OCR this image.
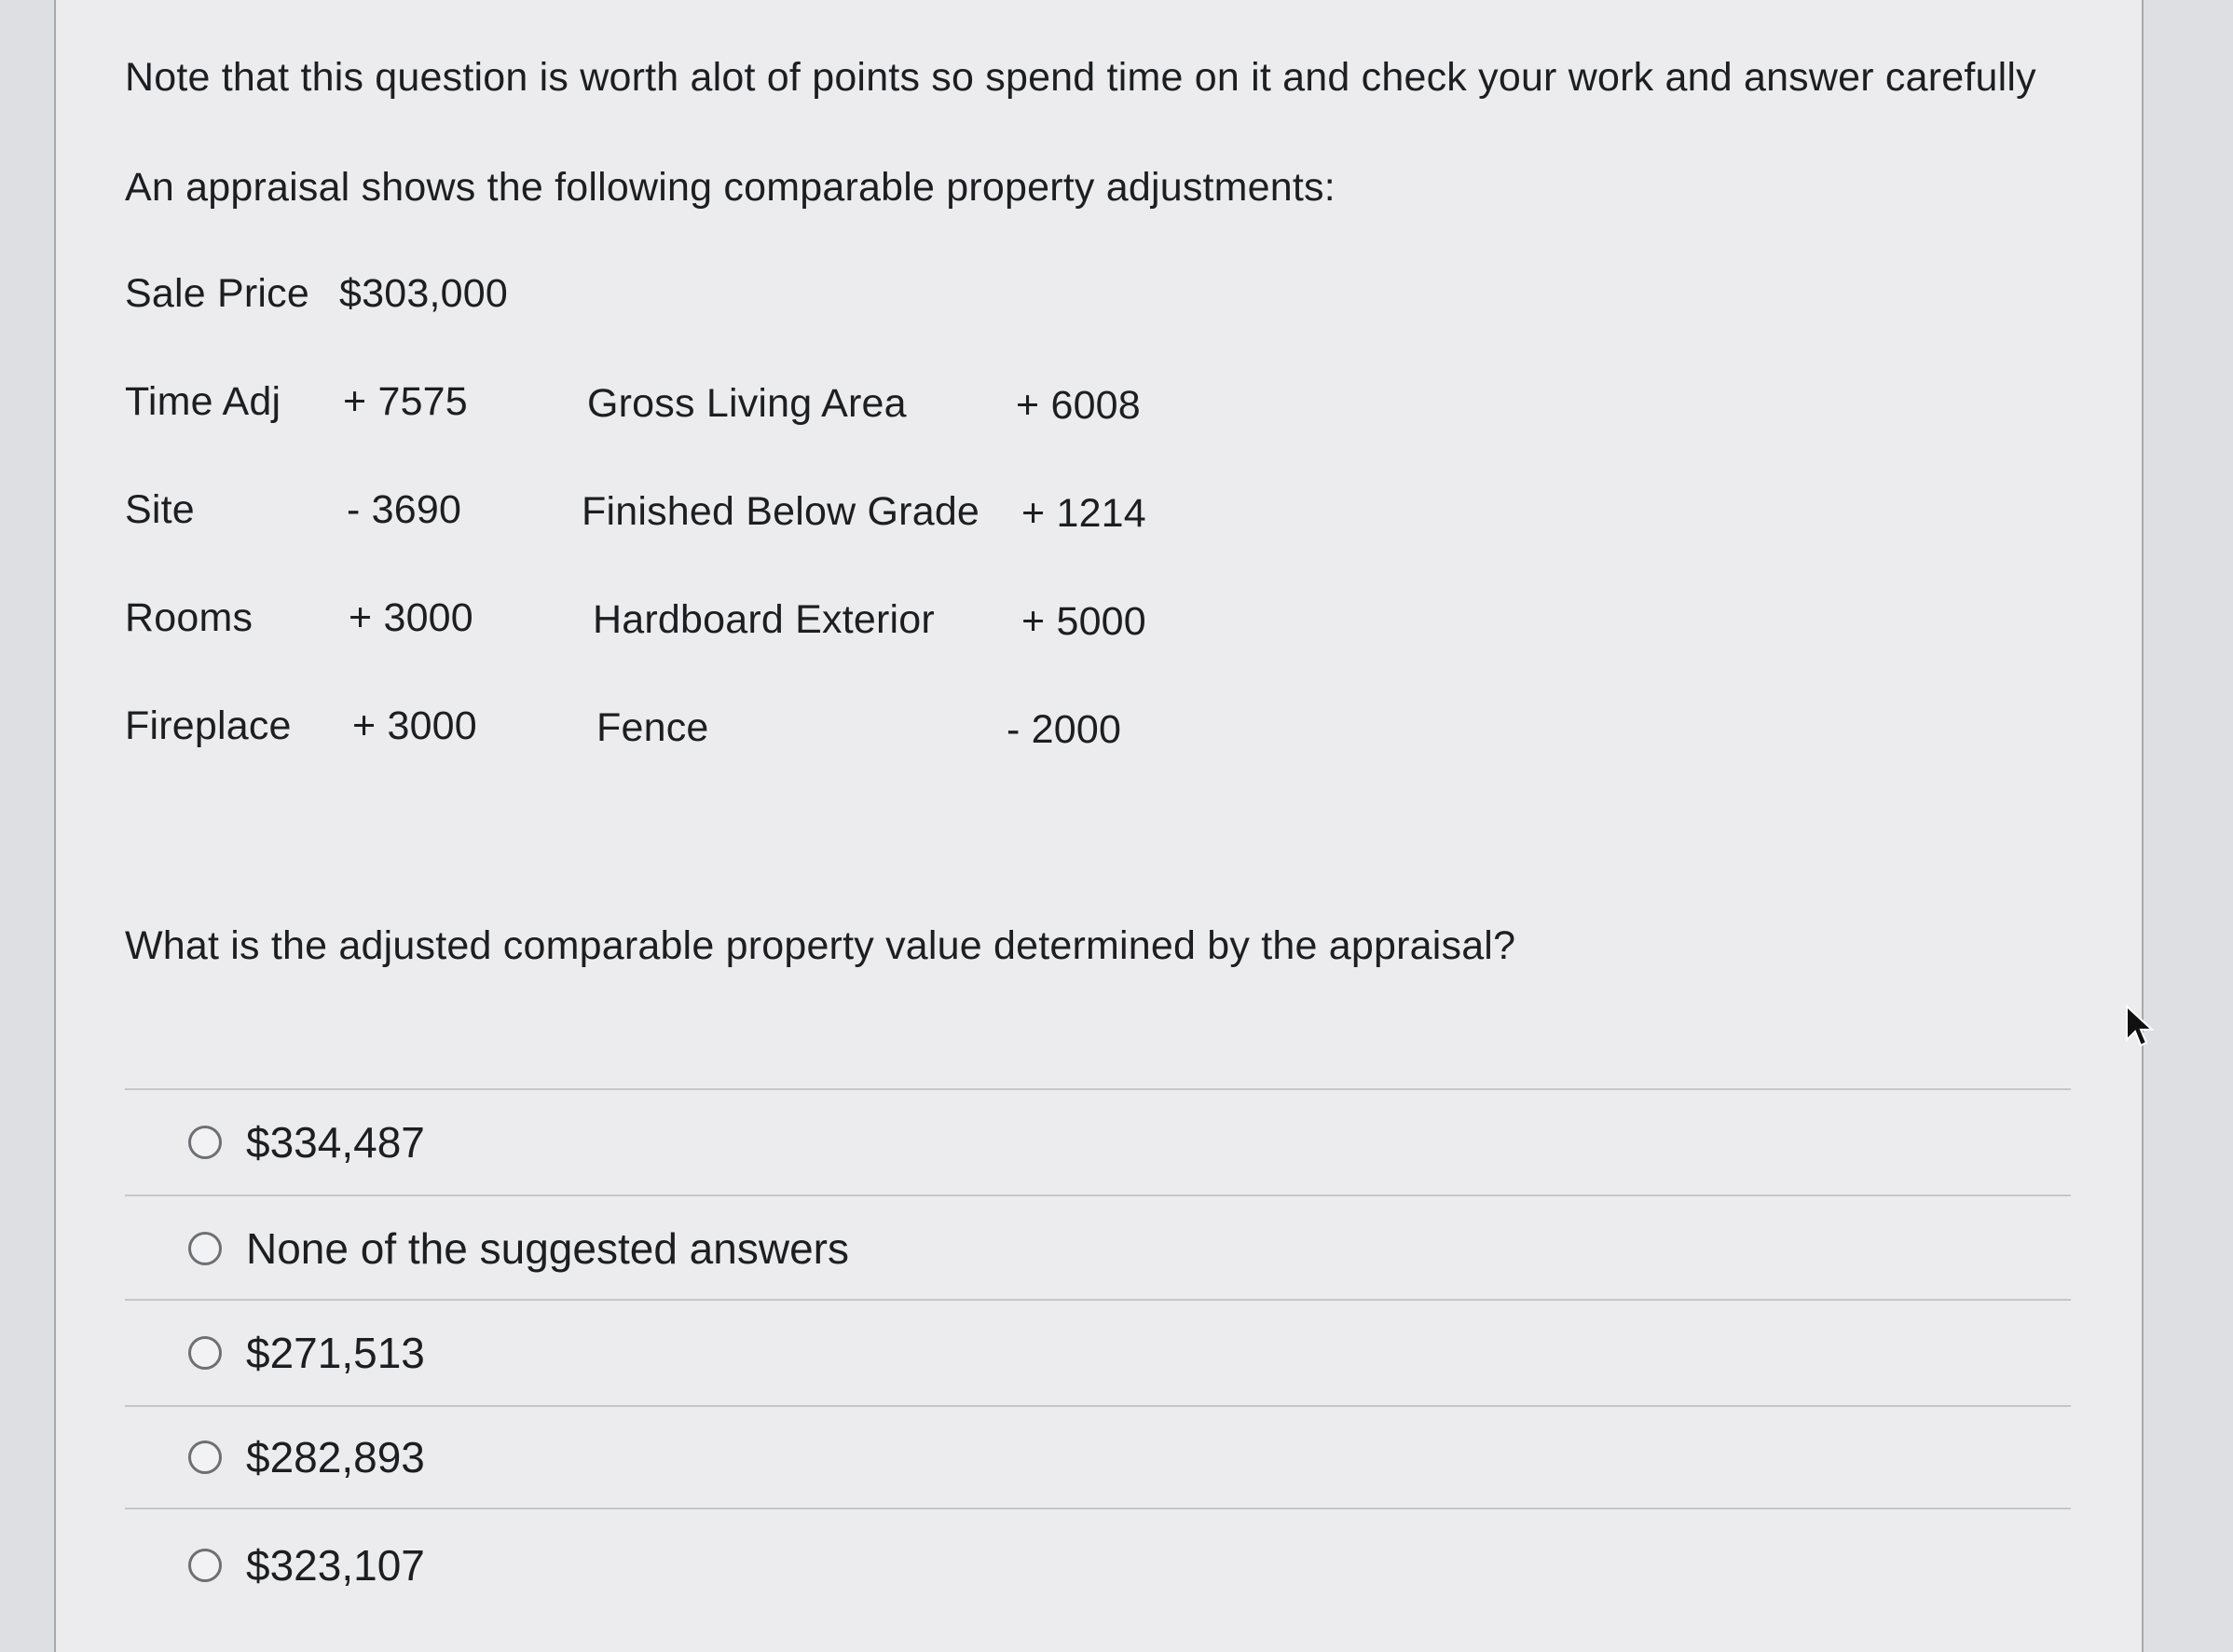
Note that this question is worth alot of points so spend time on it and check your work and answer carefully
An appraisal shows the following comparable property adjustments:
Sale Price $303,000
Time Adj + 7575	Gross Living Area	+ 6008
Site	- 3690	Finished Below Grade + 1214
Rooms + 3000	Hardboard Exterior + 5000
Fireplace + 3000	Fence	- 2000
What is the adjusted comparable property value determined by the appraisal?
$334,487
None of the suggested answers
$271,513
$282,893
$323,107
